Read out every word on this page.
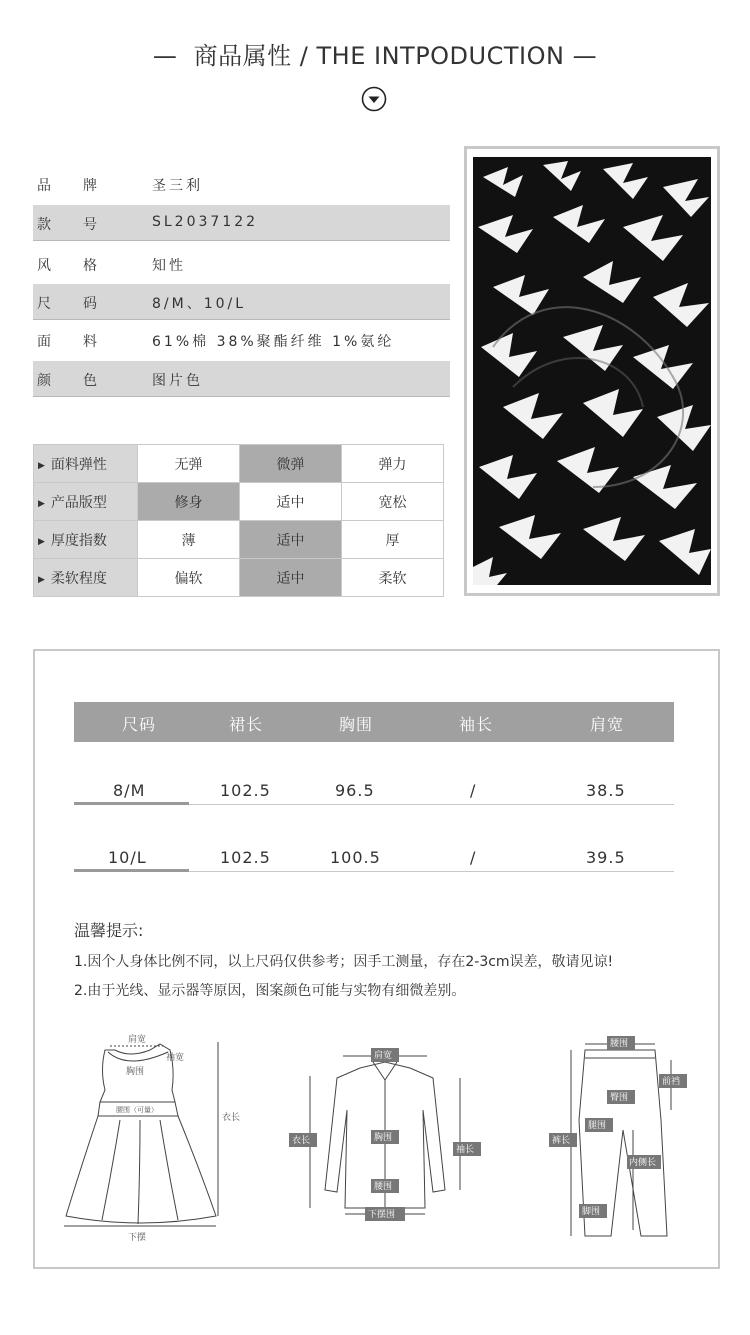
—  商品属性 / THE INTPODUCTION —
品 牌	圣三利
款 号	SL2037122
风 格	知性
尺 码	8/M、10/L
面 料	61%棉 38%聚酯纤维 1%氨纶
颜 色	图片色
▶ 面料弹性	无弹	微弹	弹力
▶ 产品版型	修身	适中	宽松
▶ 厚度指数	薄	适中	厚
▶ 柔软程度	偏软	适中	柔软
尺码	裙长	胸围	袖长	肩宽
8/M	102.5	96.5	/	38.5
10/L	102.5	100.5	/	39.5
温馨提示:
1.因个人身体比例不同，以上尺码仅供参考；因手工测量，存在2-3cm误差，敬请见谅!
2.由于光线、显示器等原因，图案颜色可能与实物有细微差别。
肩宽
袖宽
胸围
腰围（可量）
衣长
下摆
肩宽
衣长	胸围
袖长
腰围
下摆围
腰围
前裆
臀围
腿围
裤长
内侧长
脚围
